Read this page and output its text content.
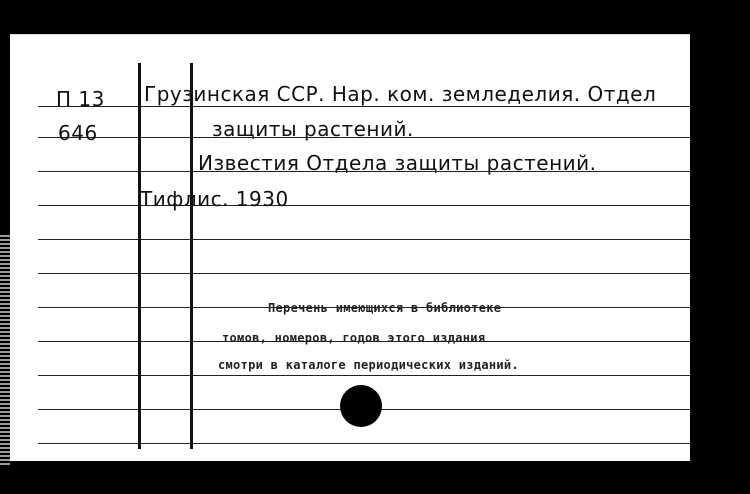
П 13
646
Грузинская ССР. Нар. ком. земледелия. Отдел
защиты растений.
Известия Отдела защиты растений.
Тифлис. 1930
Перечень имеющихся в библиотеке
томов, номеров, годов этого издания
смотри в каталоге периодических изданий.
